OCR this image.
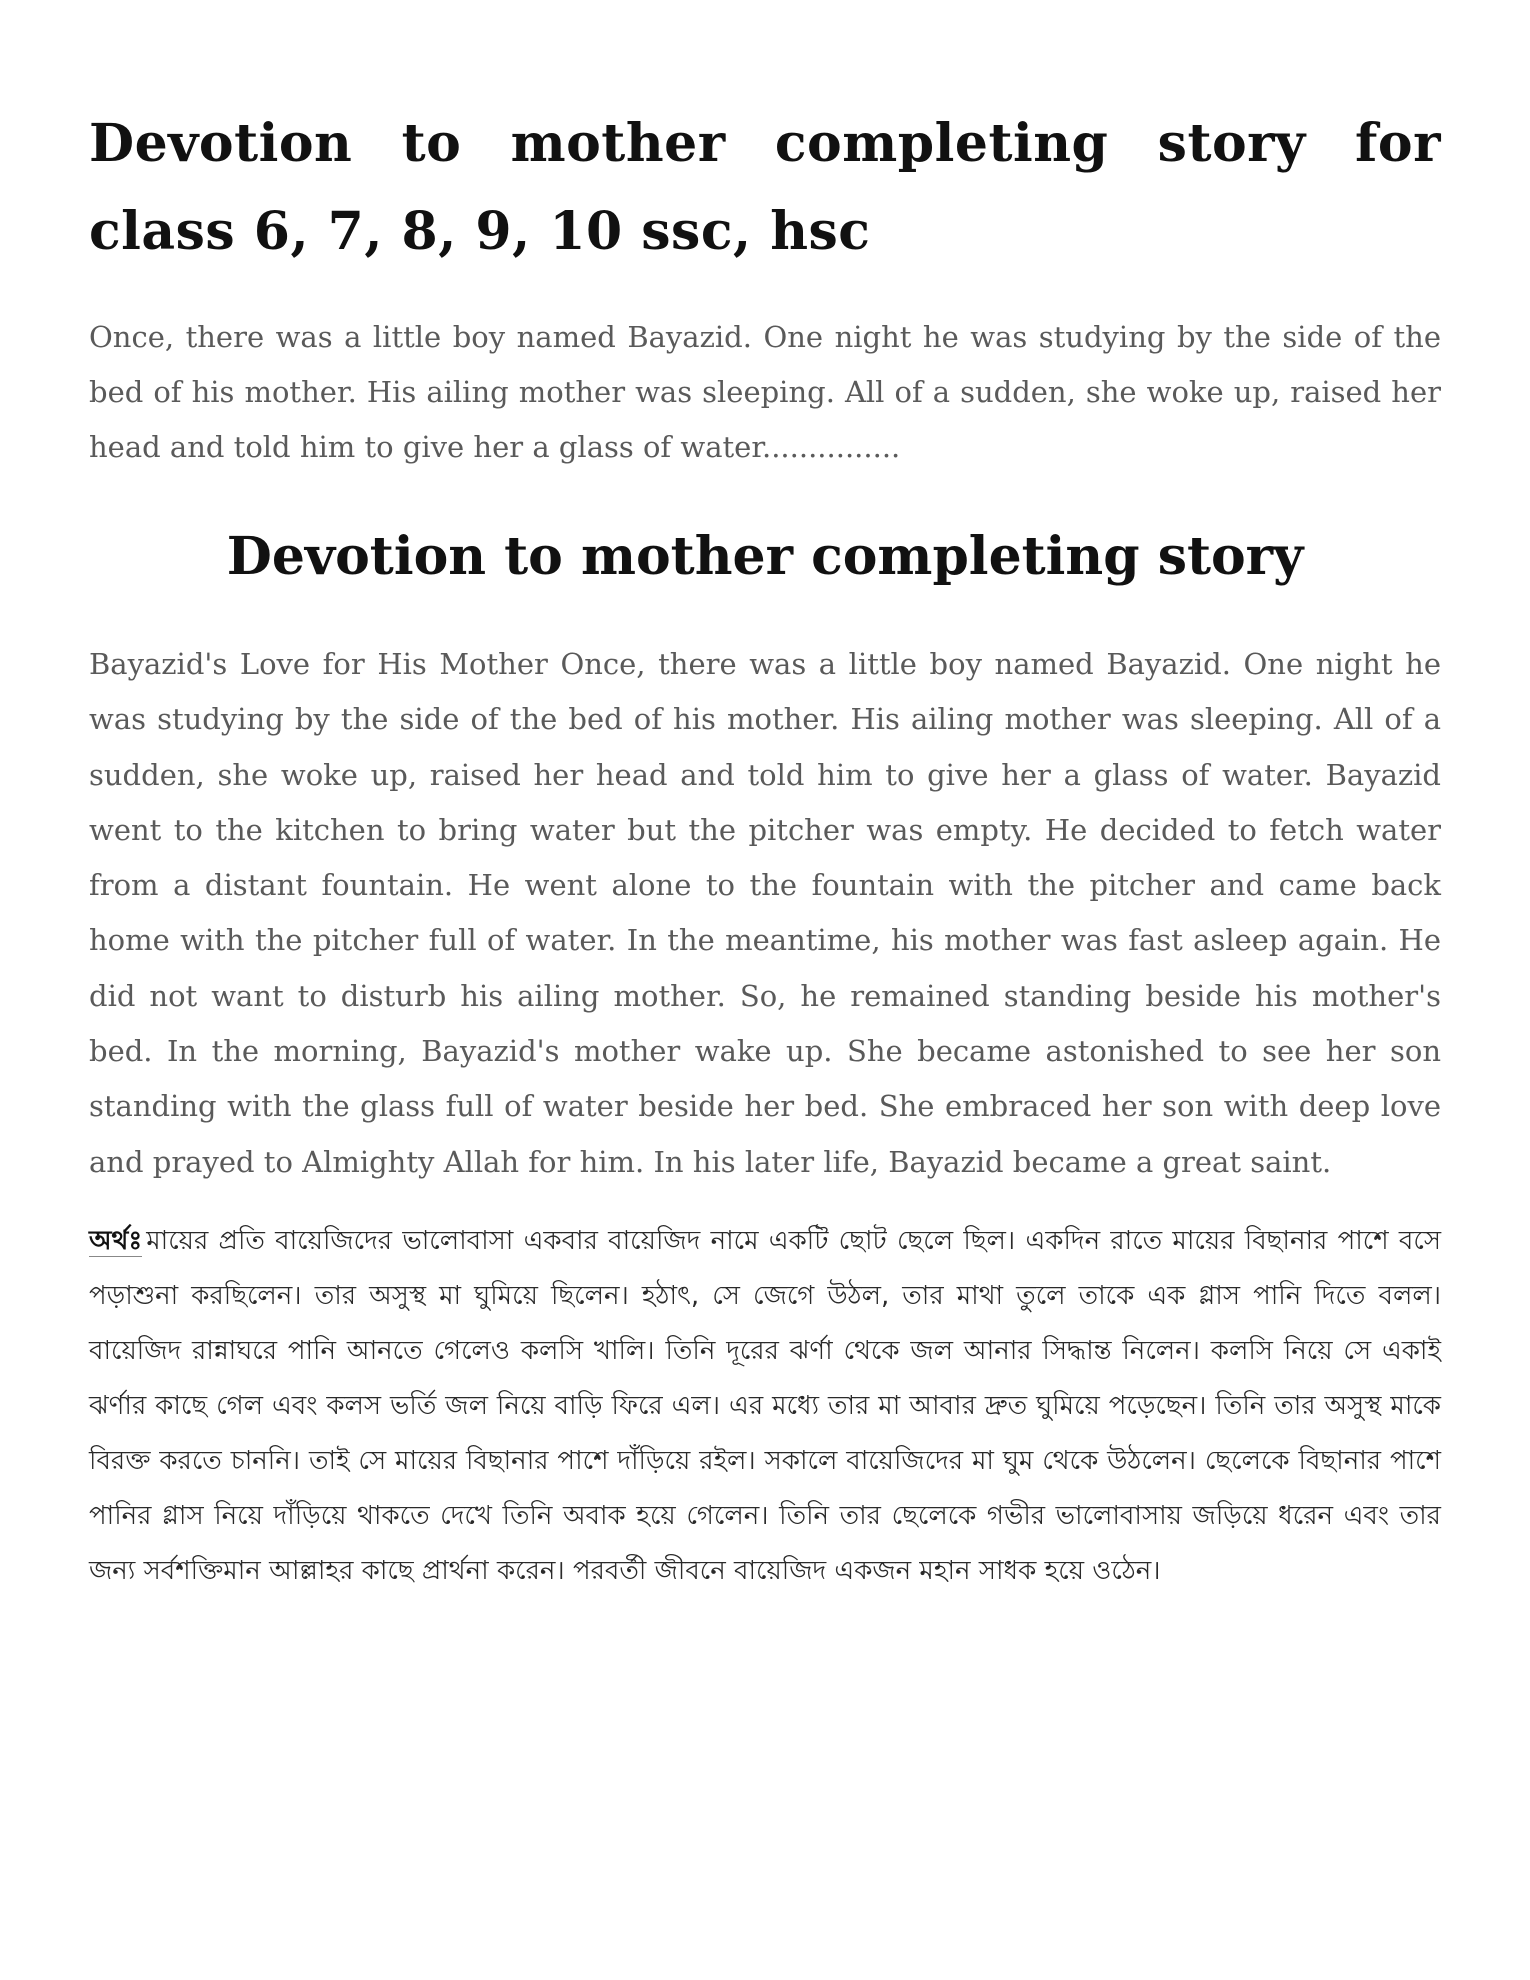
Devotion to mother completing story for class 6, 7, 8, 9, 10 ssc, hsc

Once, there was a little boy named Bayazid. One night he was studying by the side of the bed of his mother. His ailing mother was sleeping. All of a sudden, she woke up, raised her head and told him to give her a glass of water...............

Devotion to mother completing story

Bayazid's Love for His Mother Once, there was a little boy named Bayazid. One night he was studying by the side of the bed of his mother. His ailing mother was sleeping. All of a sudden, she woke up, raised her head and told him to give her a glass of water. Bayazid went to the kitchen to bring water but the pitcher was empty. He decided to fetch water from a distant fountain. He went alone to the fountain with the pitcher and came back home with the pitcher full of water. In the meantime, his mother was fast asleep again. He did not want to disturb his ailing mother. So, he remained standing beside his mother's bed. In the morning, Bayazid's mother wake up. She became astonished to see her son standing with the glass full of water beside her bed. She embraced her son with deep love and prayed to Almighty Allah for him. In his later life, Bayazid became a great saint.

অর্থঃ মায়ের প্রতি বায়েজিদের ভালোবাসা একবার বায়েজিদ নামে একটি ছোট ছেলে ছিল। একদিন রাতে মায়ের বিছানার পাশে বসে পড়াশুনা করছিলেন। তার অসুস্থ মা ঘুমিয়ে ছিলেন। হঠাৎ, সে জেগে উঠল, তার মাথা তুলে তাকে এক গ্লাস পানি দিতে বলল। বায়েজিদ রান্নাঘরে পানি আনতে গেলেও কলসি খালি। তিনি দূরের ঝর্ণা থেকে জল আনার সিদ্ধান্ত নিলেন। কলসি নিয়ে সে একাই ঝর্ণার কাছে গেল এবং কলস ভর্তি জল নিয়ে বাড়ি ফিরে এল। এর মধ্যে তার মা আবার দ্রুত ঘুমিয়ে পড়েছেন। তিনি তার অসুস্থ মাকে বিরক্ত করতে চাননি। তাই সে মায়ের বিছানার পাশে দাঁড়িয়ে রইল। সকালে বায়েজিদের মা ঘুম থেকে উঠলেন। ছেলেকে বিছানার পাশে পানির গ্লাস নিয়ে দাঁড়িয়ে থাকতে দেখে তিনি অবাক হয়ে গেলেন। তিনি তার ছেলেকে গভীর ভালোবাসায় জড়িয়ে ধরেন এবং তার জন্য সর্বশক্তিমান আল্লাহর কাছে প্রার্থনা করেন। পরবর্তী জীবনে বায়েজিদ একজন মহান সাধক হয়ে ওঠেন।
